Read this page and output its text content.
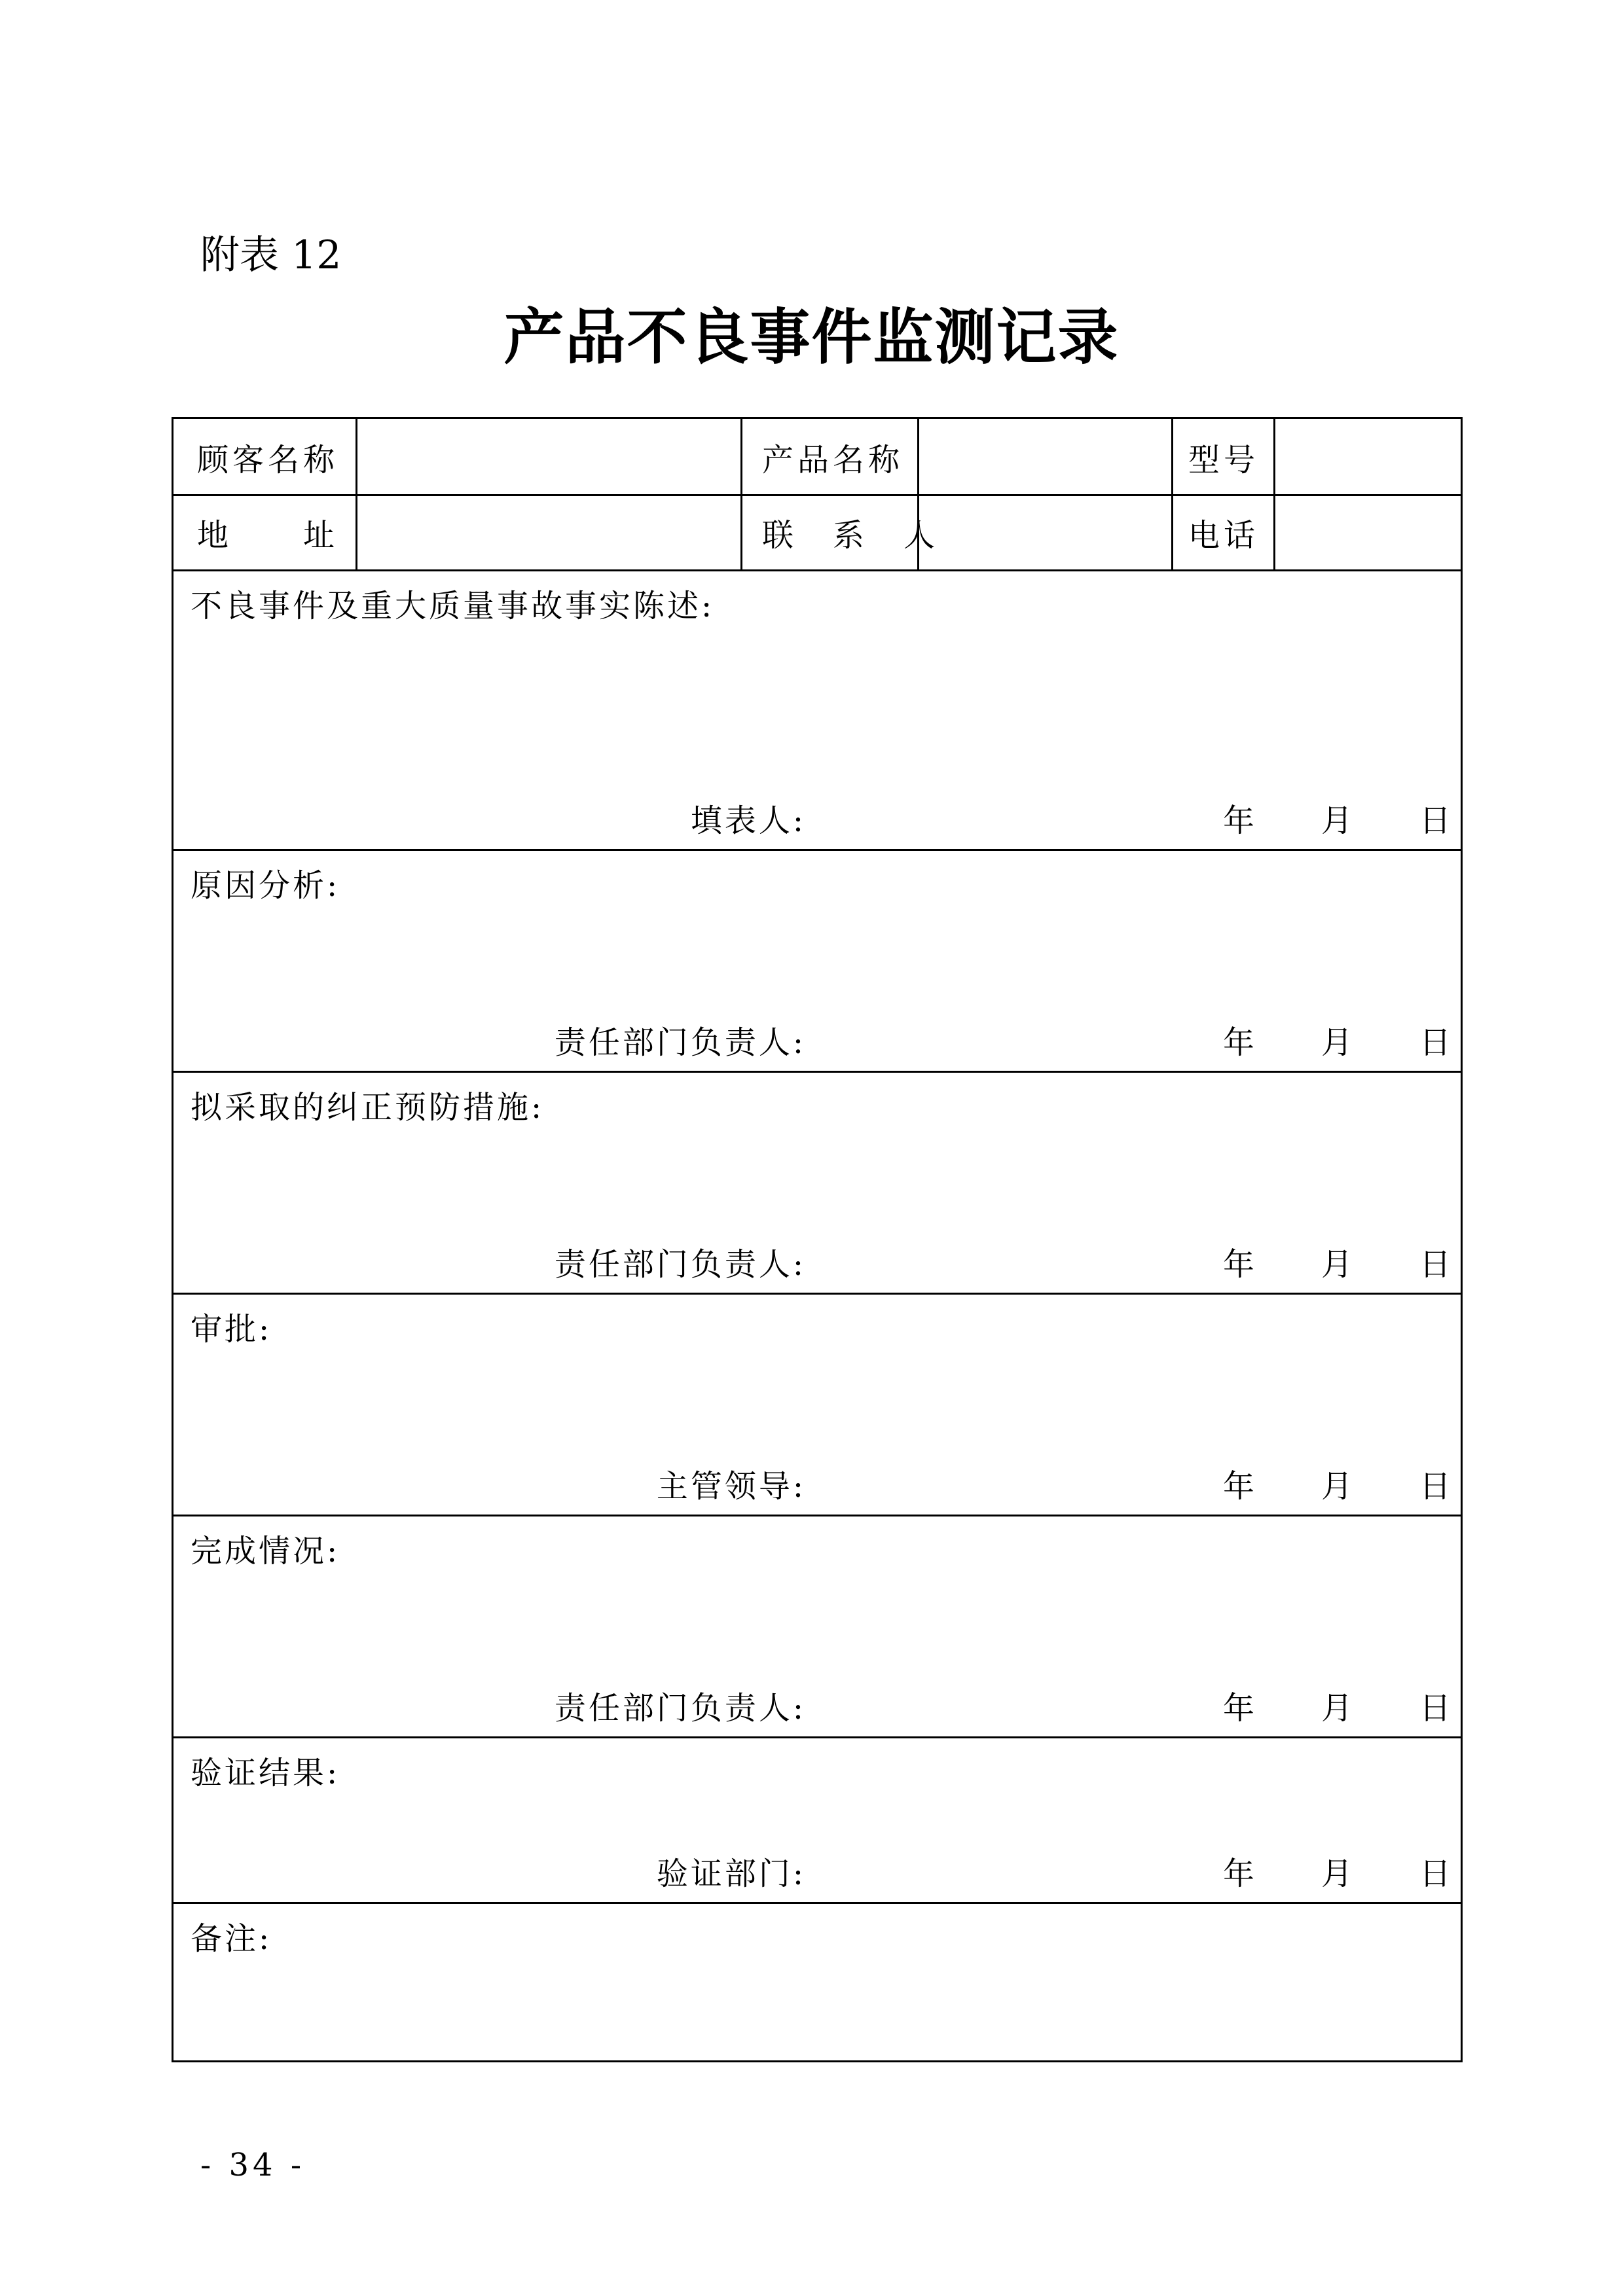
附表 12
产品不良事件监测记录
顾客名称	产品名称	型号
地　　址	联　系　人	电话
不良事件及重大质量事故事实陈述:
填表人:	年 月 日
原因分析:
责任部门负责人:	年 月 日
拟采取的纠正预防措施:
责任部门负责人:	年 月 日
审批:
主管领导:	年 月 日
完成情况:
责任部门负责人:	年 月 日
验证结果:
验证部门:	年 月 日
备注:
- 34 -
